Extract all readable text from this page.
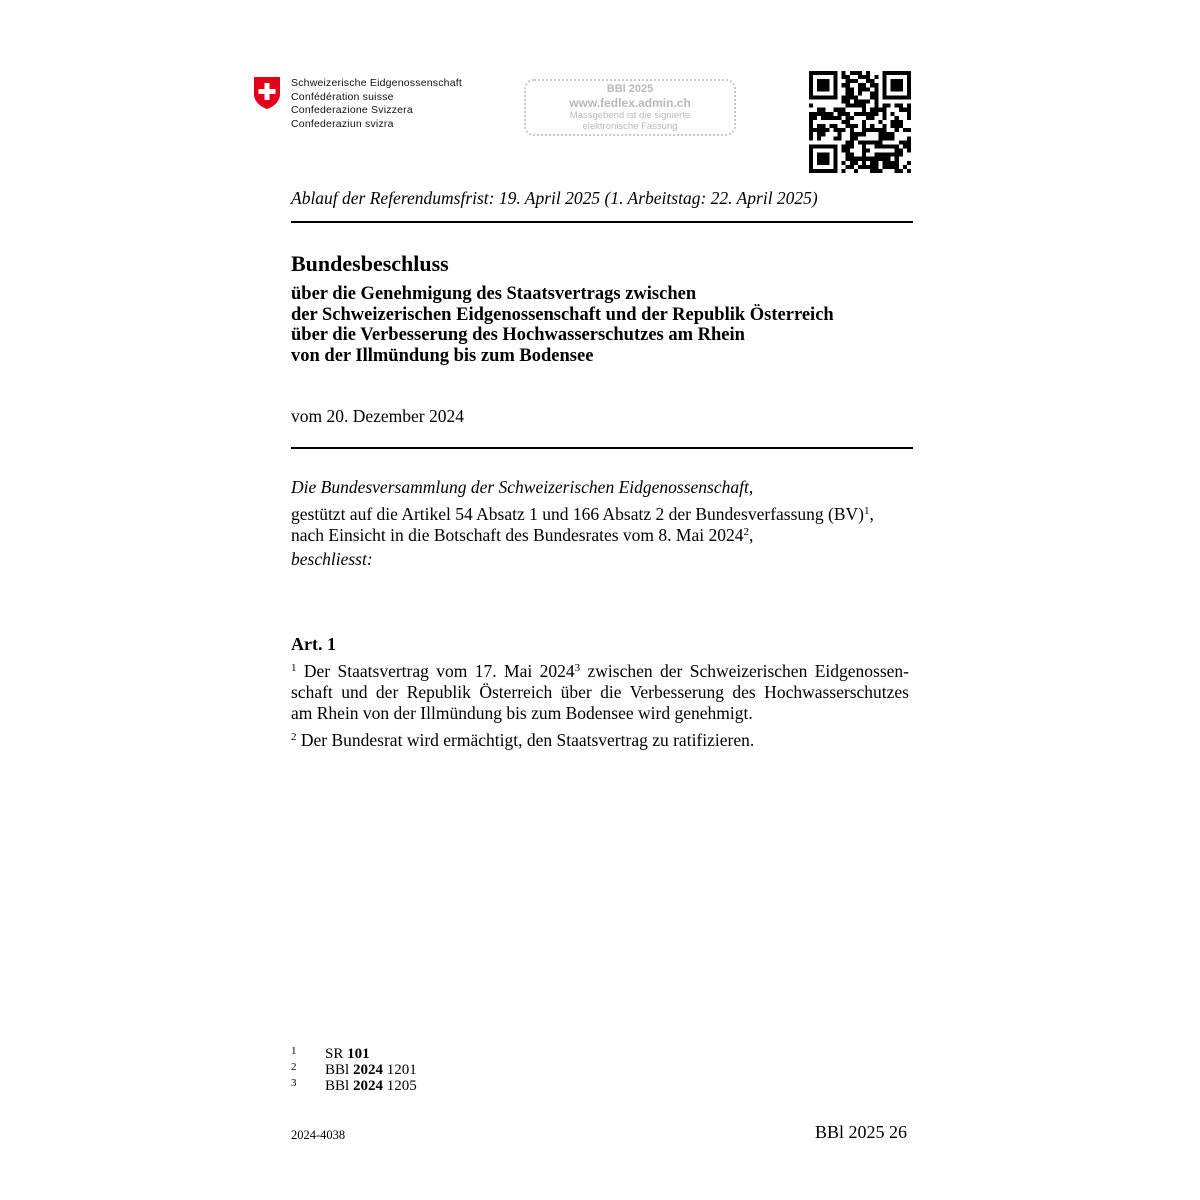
Schweizerische Eidgenossenschaft
Confédération suisse
Confederazione Svizzera
Confederaziun svizra
BBl 2025
www.fedlex.admin.ch
Massgebend ist die signierte
elektronische Fassung
Ablauf der Referendumsfrist: 19. April 2025 (1. Arbeitstag: 22. April 2025)
Bundesbeschluss
über die Genehmigung des Staatsvertrags zwischen
der Schweizerischen Eidgenossenschaft und der Republik Österreich
über die Verbesserung des Hochwasserschutzes am Rhein
von der Illmündung bis zum Bodensee
vom 20. Dezember 2024
Die Bundesversammlung der Schweizerischen Eidgenossenschaft,
gestützt auf die Artikel 54 Absatz 1 und 166 Absatz 2 der Bundesverfassung (BV)$^1$,
nach Einsicht in die Botschaft des Bundesrates vom 8. Mai 2024$^2$,
beschliesst:
Art. 1
$^1$ Der Staatsvertrag vom 17. Mai 2024$^3$ zwischen der Schweizerischen Eidgenossen-
schaft und der Republik Österreich über die Verbesserung des Hochwasserschutzes
am Rhein von der Illmündung bis zum Bodensee wird genehmigt.
$^2$ Der Bundesrat wird ermächtigt, den Staatsvertrag zu ratifizieren.
1 SR 101
2 BBl 2024 1201
3 BBl 2024 1205
2024-4038	BBl 2025 26
